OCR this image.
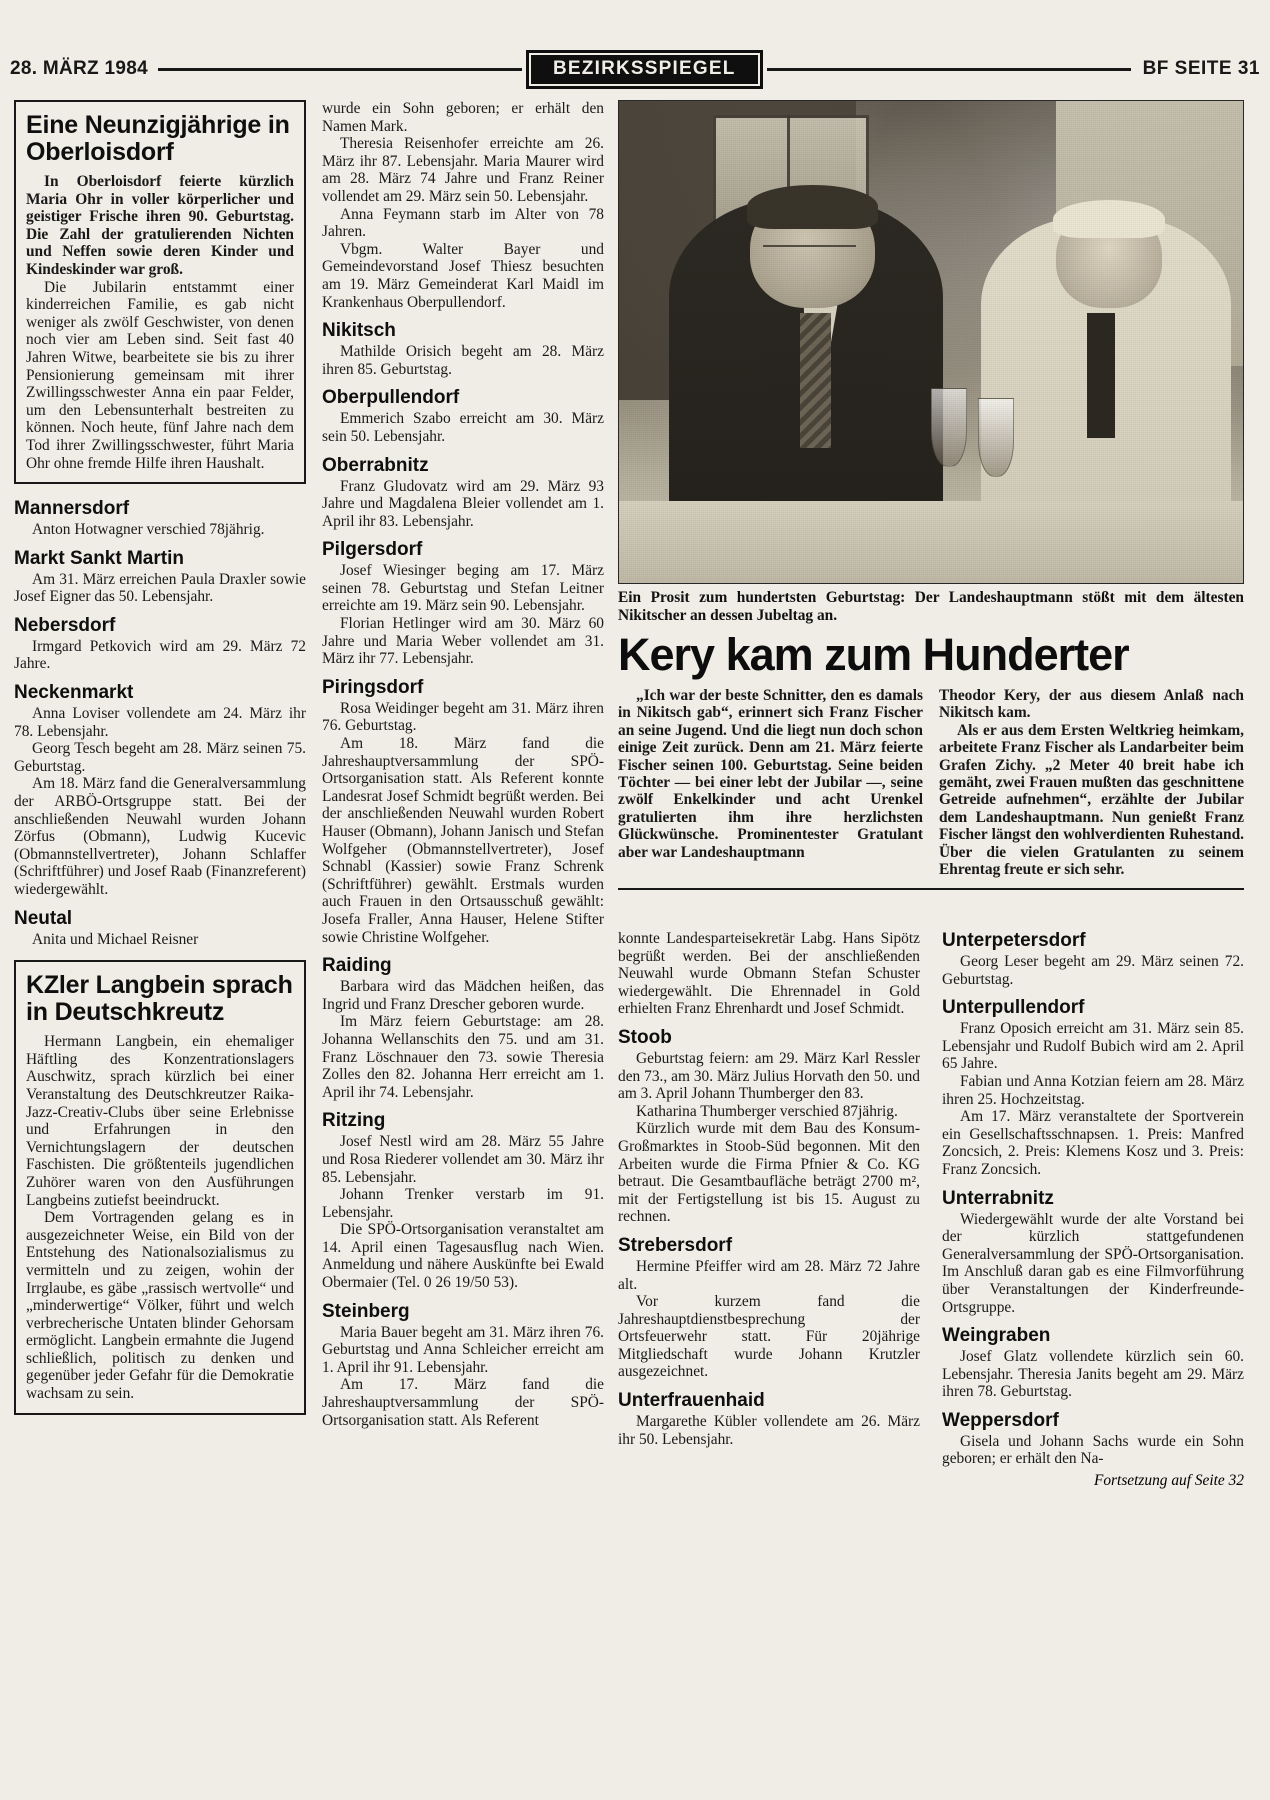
28. MÄRZ 1984	BEZIRKSSPIEGEL	BF SEITE 31
Eine Neunzigjährige in Oberloisdorf

In Oberloisdorf feierte kürzlich Maria Ohr in voller körperlicher und geistiger Frische ihren 90. Geburtstag. Die Zahl der gratulierenden Nichten und Neffen sowie deren Kinder und Kindeskinder war groß.

Die Jubilarin entstammt einer kinderreichen Familie, es gab nicht weniger als zwölf Geschwister, von denen noch vier am Leben sind. Seit fast 40 Jahren Witwe, bearbeitete sie bis zu ihrer Pensionierung gemeinsam mit ihrer Zwillingsschwester Anna ein paar Felder, um den Lebensunterhalt bestreiten zu können. Noch heute, fünf Jahre nach dem Tod ihrer Zwillingsschwester, führt Maria Ohr ohne fremde Hilfe ihren Haushalt.

Mannersdorf

Anton Hotwagner verschied 78jährig.

Markt Sankt Martin

Am 31. März erreichen Paula Draxler sowie Josef Eigner das 50. Lebensjahr.

Nebersdorf

Irmgard Petkovich wird am 29. März 72 Jahre.

Neckenmarkt

Anna Loviser vollendete am 24. März ihr 78. Lebensjahr.

Georg Tesch begeht am 28. März seinen 75. Geburtstag.

Am 18. März fand die Generalversammlung der ARBÖ-Ortsgruppe statt. Bei der anschließenden Neuwahl wurden Johann Zörfus (Obmann), Ludwig Kucevic (Obmannstellvertreter), Johann Schlaffer (Schriftführer) und Josef Raab (Finanzreferent) wiedergewählt.

Neutal

Anita und Michael Reisner

KZler Langbein sprach in Deutschkreutz

Hermann Langbein, ein ehemaliger Häftling des Konzentrationslagers Auschwitz, sprach kürzlich bei einer Veranstaltung des Deutschkreutzer Raika-Jazz-Creativ-Clubs über seine Erlebnisse und Erfahrungen in den Vernichtungslagern der deutschen Faschisten. Die größtenteils jugendlichen Zuhörer waren von den Ausführungen Langbeins zutiefst beeindruckt.

Dem Vortragenden gelang es in ausgezeichneter Weise, ein Bild von der Entstehung des Nationalsozialismus zu vermitteln und zu zeigen, wohin der Irrglaube, es gäbe „rassisch wertvolle“ und „minderwertige“ Völker, führt und welch verbrecherische Untaten blinder Gehorsam ermöglicht. Langbein ermahnte die Jugend schließlich, politisch zu denken und gegenüber jeder Gefahr für die Demokratie wachsam zu sein.

wurde ein Sohn geboren; er erhält den Namen Mark.

Theresia Reisenhofer erreichte am 26. März ihr 87. Lebensjahr. Maria Maurer wird am 28. März 74 Jahre und Franz Reiner vollendet am 29. März sein 50. Lebensjahr.

Anna Feymann starb im Alter von 78 Jahren.

Vbgm. Walter Bayer und Gemeindevorstand Josef Thiesz besuchten am 19. März Gemeinderat Karl Maidl im Krankenhaus Oberpullendorf.

Nikitsch

Mathilde Orisich begeht am 28. März ihren 85. Geburtstag.

Oberpullendorf

Emmerich Szabo erreicht am 30. März sein 50. Lebensjahr.

Oberrabnitz

Franz Gludovatz wird am 29. März 93 Jahre und Magdalena Bleier vollendet am 1. April ihr 83. Lebensjahr.

Pilgersdorf

Josef Wiesinger beging am 17. März seinen 78. Geburtstag und Stefan Leitner erreichte am 19. März sein 90. Lebensjahr.

Florian Hetlinger wird am 30. März 60 Jahre und Maria Weber vollendet am 31. März ihr 77. Lebensjahr.

Piringsdorf

Rosa Weidinger begeht am 31. März ihren 76. Geburtstag.

Am 18. März fand die Jahreshauptversammlung der SPÖ-Ortsorganisation statt. Als Referent konnte Landesrat Josef Schmidt begrüßt werden. Bei der anschließenden Neuwahl wurden Robert Hauser (Obmann), Johann Janisch und Stefan Wolfgeher (Obmannstellvertreter), Josef Schnabl (Kassier) sowie Franz Schrenk (Schriftführer) gewählt. Erstmals wurden auch Frauen in den Ortsausschuß gewählt: Josefa Fraller, Anna Hauser, Helene Stifter sowie Christine Wolfgeher.

Raiding

Barbara wird das Mädchen heißen, das Ingrid und Franz Drescher geboren wurde.

Im März feiern Geburtstage: am 28. Johanna Wellanschits den 75. und am 31. Franz Löschnauer den 73. sowie Theresia Zolles den 82. Johanna Herr erreicht am 1. April ihr 74. Lebensjahr.

Ritzing

Josef Nestl wird am 28. März 55 Jahre und Rosa Riederer vollendet am 30. März ihr 85. Lebensjahr.

Johann Trenker verstarb im 91. Lebensjahr.

Die SPÖ-Ortsorganisation veranstaltet am 14. April einen Tagesausflug nach Wien. Anmeldung und nähere Auskünfte bei Ewald Obermaier (Tel. 0 26 19/50 53).

Steinberg

Maria Bauer begeht am 31. März ihren 76. Geburtstag und Anna Schleicher erreicht am 1. April ihr 91. Lebensjahr.

Am 17. März fand die Jahreshauptversammlung der SPÖ-Ortsorganisation statt. Als Referent

Ein Prosit zum hundertsten Geburtstag: Der Landeshauptmann stößt mit dem ältesten Nikitscher an dessen Jubeltag an.
Kery kam zum Hunderter

„Ich war der beste Schnitter, den es damals in Nikitsch gab“, erinnert sich Franz Fischer an seine Jugend. Und die liegt nun doch schon einige Zeit zurück. Denn am 21. März feierte Fischer seinen 100. Geburtstag. Seine beiden Töchter — bei einer lebt der Jubilar —, seine zwölf Enkelkinder und acht Urenkel gratulierten ihm ihre herzlichsten Glückwünsche. Prominentester Gratulant aber war Landeshauptmann

Theodor Kery, der aus diesem Anlaß nach Nikitsch kam.

Als er aus dem Ersten Weltkrieg heimkam, arbeitete Franz Fischer als Landarbeiter beim Grafen Zichy. „2 Meter 40 breit habe ich gemäht, zwei Frauen mußten das geschnittene Getreide aufnehmen“, erzählte der Jubilar dem Landeshauptmann. Nun genießt Franz Fischer längst den wohlverdienten Ruhestand. Über die vielen Gratulanten zu seinem Ehrentag freute er sich sehr.

konnte Landesparteisekretär Labg. Hans Sipötz begrüßt werden. Bei der anschließenden Neuwahl wurde Obmann Stefan Schuster wiedergewählt. Die Ehrennadel in Gold erhielten Franz Ehrenhardt und Josef Schmidt.

Stoob

Geburtstag feiern: am 29. März Karl Ressler den 73., am 30. März Julius Horvath den 50. und am 3. April Johann Thumberger den 83.

Katharina Thumberger verschied 87jährig.

Kürzlich wurde mit dem Bau des Konsum-Großmarktes in Stoob-Süd begonnen. Mit den Arbeiten wurde die Firma Pfnier & Co. KG betraut. Die Gesamtbaufläche beträgt 2700 m², mit der Fertigstellung ist bis 15. August zu rechnen.

Strebersdorf

Hermine Pfeiffer wird am 28. März 72 Jahre alt.

Vor kurzem fand die Jahreshauptdienstbesprechung der Ortsfeuerwehr statt. Für 20jährige Mitgliedschaft wurde Johann Krutzler ausgezeichnet.

Unterfrauenhaid

Margarethe Kübler vollendete am 26. März ihr 50. Lebensjahr.

Unterpetersdorf

Georg Leser begeht am 29. März seinen 72. Geburtstag.

Unterpullendorf

Franz Oposich erreicht am 31. März sein 85. Lebensjahr und Rudolf Bubich wird am 2. April 65 Jahre.

Fabian und Anna Kotzian feiern am 28. März ihren 25. Hochzeitstag.

Am 17. März veranstaltete der Sportverein ein Gesellschaftsschnapsen. 1. Preis: Manfred Zoncsich, 2. Preis: Klemens Kosz und 3. Preis: Franz Zoncsich.

Unterrabnitz

Wiedergewählt wurde der alte Vorstand bei der kürzlich stattgefundenen Generalversammlung der SPÖ-Ortsorganisation. Im Anschluß daran gab es eine Filmvorführung über Veranstaltungen der Kinderfreunde-Ortsgruppe.

Weingraben

Josef Glatz vollendete kürzlich sein 60. Lebensjahr. Theresia Janits begeht am 29. März ihren 78. Geburtstag.

Weppersdorf

Gisela und Johann Sachs wurde ein Sohn geboren; er erhält den Na-

Fortsetzung auf Seite 32
